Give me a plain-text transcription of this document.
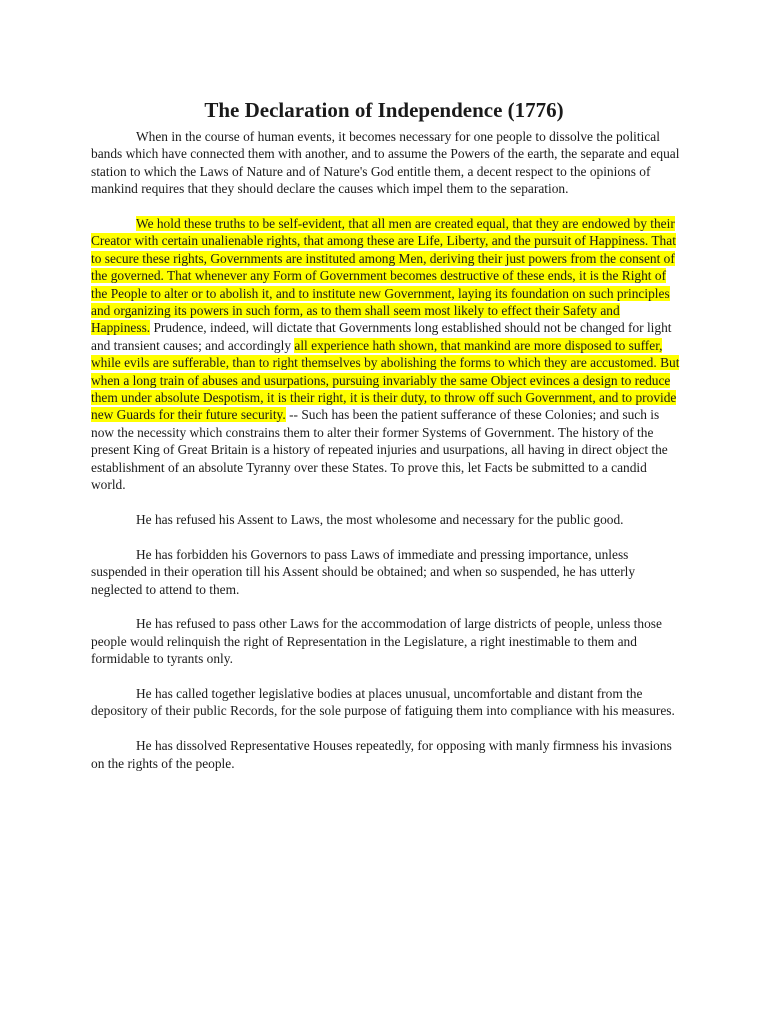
The Declaration of Independence (1776)

When in the course of human events, it becomes necessary for one people to dissolve the political bands which have connected them with another, and to assume the Powers of the earth, the separate and equal station to which the Laws of Nature and of Nature's God entitle them, a decent respect to the opinions of mankind requires that they should declare the causes which impel them to the separation.

We hold these truths to be self-evident, that all men are created equal, that they are endowed by their Creator with certain unalienable rights, that among these are Life, Liberty, and the pursuit of Happiness. That to secure these rights, Governments are instituted among Men, deriving their just powers from the consent of the governed. That whenever any Form of Government becomes destructive of these ends, it is the Right of the People to alter or to abolish it, and to institute new Government, laying its foundation on such principles and organizing its powers in such form, as to them shall seem most likely to effect their Safety and Happiness. Prudence, indeed, will dictate that Governments long established should not be changed for light and transient causes; and accordingly all experience hath shown, that mankind are more disposed to suffer, while evils are sufferable, than to right themselves by abolishing the forms to which they are accustomed. But when a long train of abuses and usurpations, pursuing invariably the same Object evinces a design to reduce them under absolute Despotism, it is their right, it is their duty, to throw off such Government, and to provide new Guards for their future security. -- Such has been the patient sufferance of these Colonies; and such is now the necessity which constrains them to alter their former Systems of Government. The history of the present King of Great Britain is a history of repeated injuries and usurpations, all having in direct object the establishment of an absolute Tyranny over these States. To prove this, let Facts be submitted to a candid world.

He has refused his Assent to Laws, the most wholesome and necessary for the public good.

He has forbidden his Governors to pass Laws of immediate and pressing importance, unless suspended in their operation till his Assent should be obtained; and when so suspended, he has utterly neglected to attend to them.

He has refused to pass other Laws for the accommodation of large districts of people, unless those people would relinquish the right of Representation in the Legislature, a right inestimable to them and formidable to tyrants only.

He has called together legislative bodies at places unusual, uncomfortable and distant from the depository of their public Records, for the sole purpose of fatiguing them into compliance with his measures.

He has dissolved Representative Houses repeatedly, for opposing with manly firmness his invasions on the rights of the people.
